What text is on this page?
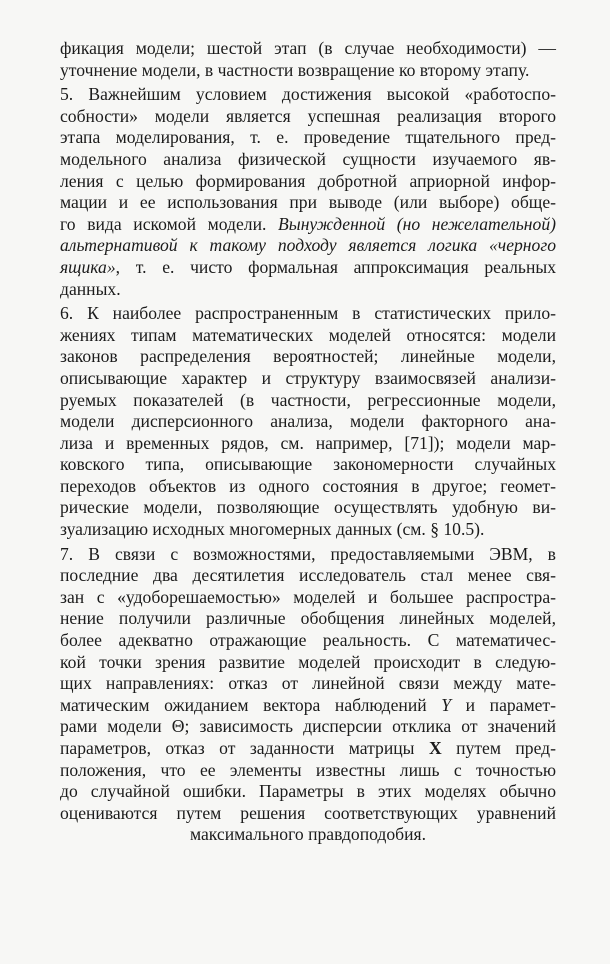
фикация модели; шестой этап (в случае необходимости) —
уточнение модели, в частности возвращение ко второму этапу.
5. Важнейшим условием достижения высокой «работоспо-
собности» модели является успешная реализация второго
этапа моделирования, т. е. проведение тщательного пред-
модельного анализа физической сущности изучаемого яв-
ления с целью формирования добротной априорной инфор-
мации и ее использования при выводе (или выборе) обще-
го вида искомой модели. Вынужденной (но нежелательной)
альтернативой к такому подходу является логика «черного
ящика», т. е. чисто формальная аппроксимация реальных
данных.
6. К наиболее распространенным в статистических прило-
жениях типам математических моделей относятся: модели
законов распределения вероятностей; линейные модели,
описывающие характер и структуру взаимосвязей анализи-
руемых показателей (в частности, регрессионные модели,
модели дисперсионного анализа, модели факторного ана-
лиза и временных рядов, см. например, [71]); модели мар-
ковского типа, описывающие закономерности случайных
переходов объектов из одного состояния в другое; геомет-
рические модели, позволяющие осуществлять удобную ви-
зуализацию исходных многомерных данных (см. § 10.5).
7. В связи с возможностями, предоставляемыми ЭВМ, в
последние два десятилетия исследователь стал менее свя-
зан с «удоборешаемостью» моделей и большее распростра-
нение получили различные обобщения линейных моделей,
более адекватно отражающие реальность. С математичес-
кой точки зрения развитие моделей происходит в следую-
щих направлениях: отказ от линейной связи между мате-
матическим ожиданием вектора наблюдений Y и парамет-
рами модели Θ; зависимость дисперсии отклика от значений
параметров, отказ от заданности матрицы X путем пред-
положения, что ее элементы известны лишь с точностью
до случайной ошибки. Параметры в этих моделях обычно
оцениваются путем решения соответствующих уравнений
максимального правдоподобия.
